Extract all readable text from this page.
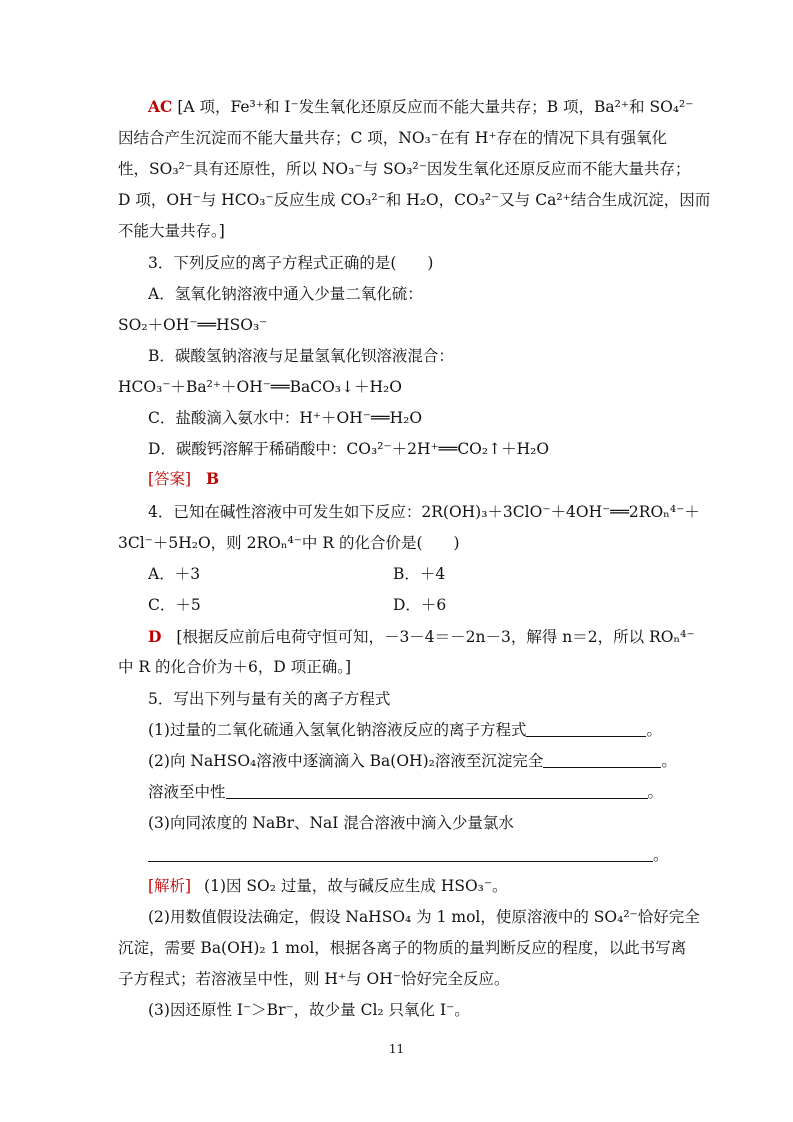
AC [A 项，Fe³⁺和 I⁻发生氧化还原反应而不能大量共存；B 项，Ba²⁺和 SO₄²⁻
因结合产生沉淀而不能大量共存；C 项，NO₃⁻在有 H⁺存在的情况下具有强氧化
性，SO₃²⁻具有还原性，所以 NO₃⁻与 SO₃²⁻因发生氧化还原反应而不能大量共存；
D 项，OH⁻与 HCO₃⁻反应生成 CO₃²⁻和 H₂O，CO₃²⁻又与 Ca²⁺结合生成沉淀，因而
不能大量共存。]
3．下列反应的离子方程式正确的是(　　)
A．氢氧化钠溶液中通入少量二氧化硫：
SO₂＋OH⁻══HSO₃⁻
B．碳酸氢钠溶液与足量氢氧化钡溶液混合：
HCO₃⁻＋Ba²⁺＋OH⁻══BaCO₃↓＋H₂O
C．盐酸滴入氨水中：H⁺＋OH⁻══H₂O
D．碳酸钙溶解于稀硝酸中：CO₃²⁻＋2H⁺══CO₂↑＋H₂O
[答案] B
4．已知在碱性溶液中可发生如下反应：2R(OH)₃＋3ClO⁻＋4OH⁻══2ROₙ⁴⁻＋
3Cl⁻＋5H₂O，则 2ROₙ⁴⁻中 R 的化合价是(　　)
A．＋3	B．＋4
C．＋5	D．＋6
D [根据反应前后电荷守恒可知，－3－4＝－2n－3，解得 n＝2，所以 ROₙ⁴⁻
中 R 的化合价为＋6，D 项正确。]
5．写出下列与量有关的离子方程式
(1)过量的二氧化硫通入氢氧化钠溶液反应的离子方程式	。
(2)向 NaHSO₄溶液中逐滴滴入 Ba(OH)₂溶液至沉淀完全	。
溶液至中性	。
(3)向同浓度的 NaBr、NaI 混合溶液中滴入少量氯水
。
[解析] (1)因 SO₂ 过量，故与碱反应生成 HSO₃⁻。
(2)用数值假设法确定，假设 NaHSO₄ 为 1 mol，使原溶液中的 SO₄²⁻恰好完全
沉淀，需要 Ba(OH)₂ 1 mol，根据各离子的物质的量判断反应的程度，以此书写离
子方程式；若溶液呈中性，则 H⁺与 OH⁻恰好完全反应。
(3)因还原性 I⁻＞Br⁻，故少量 Cl₂ 只氧化 I⁻。
11
